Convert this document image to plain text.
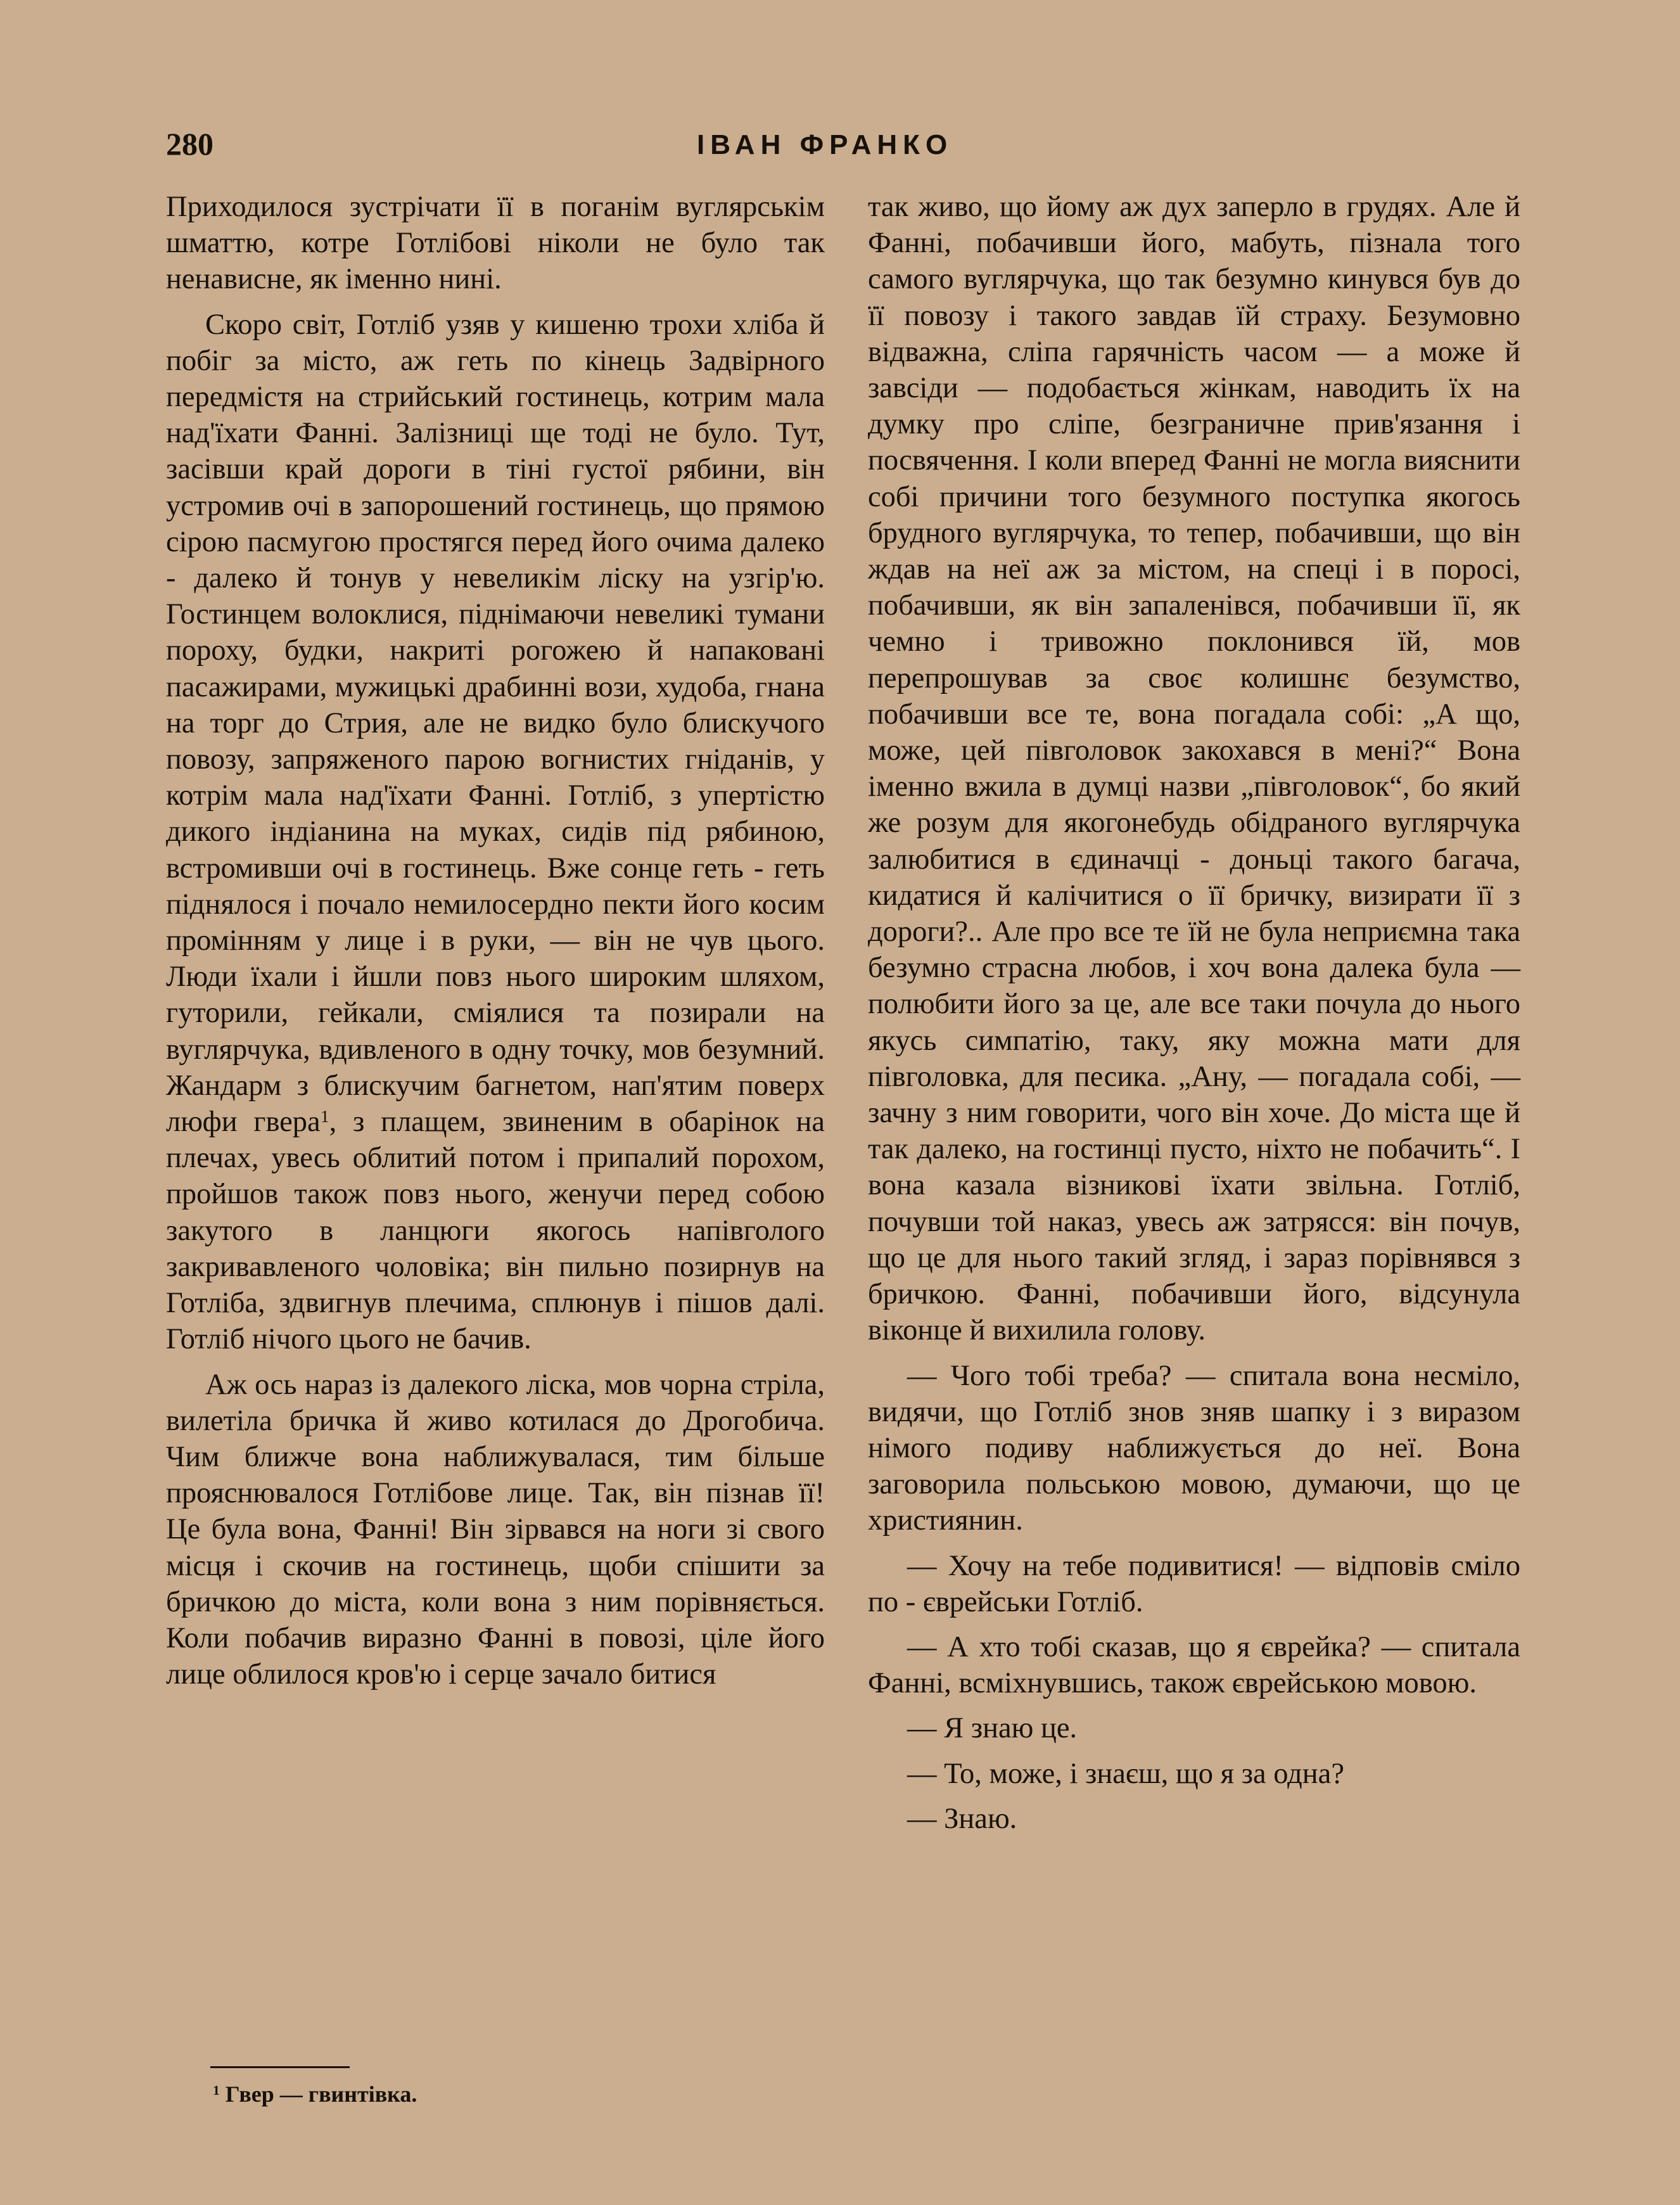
280	ІВАН ФРАНКО

Приходилося зустрічати її в поганім вуглярськім шматтю, котре Готлібові ніколи не було так ненависне, як іменно нині.

Скоро світ, Готліб узяв у кишеню трохи хліба й побіг за місто, аж геть по кінець Задвірного передмістя на стрийський гостинець, котрим мала над'їхати Фанні. Залізниці ще тоді не було. Тут, засівши край дороги в тіні густої рябини, він устромив очі в запорошений гостинець, що прямою сірою пасмугою простягся перед його очима далеко - далеко й тонув у невеликім ліску на узгір'ю. Гостинцем волоклися, піднімаючи невеликі тумани пороху, будки, накриті рогожею й напаковані пасажирами, мужицькі драбинні вози, худоба, гнана на торг до Стрия, але не видко було блискучого повозу, запряженого парою вогнистих гніданів, у котрім мала над'їхати Фанні. Готліб, з упертістю дикого індіанина на муках, сидів під рябиною, встромивши очі в гостинець. Вже сонце геть - геть піднялося і почало немилосердно пекти його косим промінням у лице і в руки, — він не чув цього. Люди їхали і йшли повз нього широким шляхом, гуторили, гейкали, сміялися та позирали на вуглярчука, вдивленого в одну точку, мов безумний. Жандарм з блискучим багнетом, нап'ятим поверх люфи гвера$^1$, з плащем, звиненим в обарінок на плечах, увесь облитий потом і припалий порохом, пройшов також повз нього, женучи перед собою закутого в ланцюги якогось напівголого закривавленого чоловіка; він пильно позирнув на Готліба, здвигнув плечима, сплюнув і пішов далі. Готліб нічого цього не бачив.

Аж ось нараз із далекого ліска, мов чорна стріла, вилетіла бричка й живо котилася до Дрогобича. Чим ближче вона наближувалася, тим більше прояснювалося Готлібове лице. Так, він пізнав її! Це була вона, Фанні! Він зірвався на ноги зі свого місця і скочив на гостинець, щоби спішити за бричкою до міста, коли вона з ним порівняється. Коли побачив виразно Фанні в повозі, ціле його лице облилося кров'ю і серце зачало битися

так живо, що йому аж дух заперло в грудях. Але й Фанні, побачивши його, мабуть, пізнала того самого вуглярчука, що так безумно кинувся був до її повозу і такого завдав їй страху. Безумовно відважна, сліпа гарячність часом — а може й завсіди — подобається жінкам, наводить їх на думку про сліпе, безграничне прив'язання і посвячення. І коли вперед Фанні не могла вияснити собі причини того безумного поступка якогось брудного вуглярчука, то тепер, побачивши, що він ждав на неї аж за містом, на спеці і в поросі, побачивши, як він запаленівся, побачивши її, як чемно і тривожно поклонився їй, мов перепрошував за своє колишнє безумство, побачивши все те, вона погадала собі: „А що, може, цей півголовок закохався в мені?“ Вона іменно вжила в думці назви „півголовок“, бо який же розум для якогонебудь обідраного вуглярчука залюбитися в єдиначці - доньці такого багача, кидатися й калічитися о її бричку, визирати її з дороги?.. Але про все те їй не була неприємна така безумно страсна любов, і хоч вона далека була — полюбити його за це, але все таки почула до нього якусь симпатію, таку, яку можна мати для півголовка, для песика. „Ану, — погадала собі, — зачну з ним говорити, чого він хоче. До міста ще й так далеко, на гостинці пусто, ніхто не побачить“. І вона казала візникові їхати звільна. Готліб, почувши той наказ, увесь аж затрясся: він почув, що це для нього такий згляд, і зараз порівнявся з бричкою. Фанні, побачивши його, відсунула віконце й вихилила голову.

— Чого тобі треба? — спитала вона несміло, видячи, що Готліб знов зняв шапку і з виразом німого подиву наближується до неї. Вона заговорила польською мовою, думаючи, що це християнин.

— Хочу на тебе подивитися! — відповів сміло по - єврейськи Готліб.

— А хто тобі сказав, що я єврейка? — спитала Фанні, всміхнувшись, також єврейською мовою.

— Я знаю це.

— То, може, і знаєш, що я за одна?

— Знаю.

$^1$ Гвер — гвинтівка.
